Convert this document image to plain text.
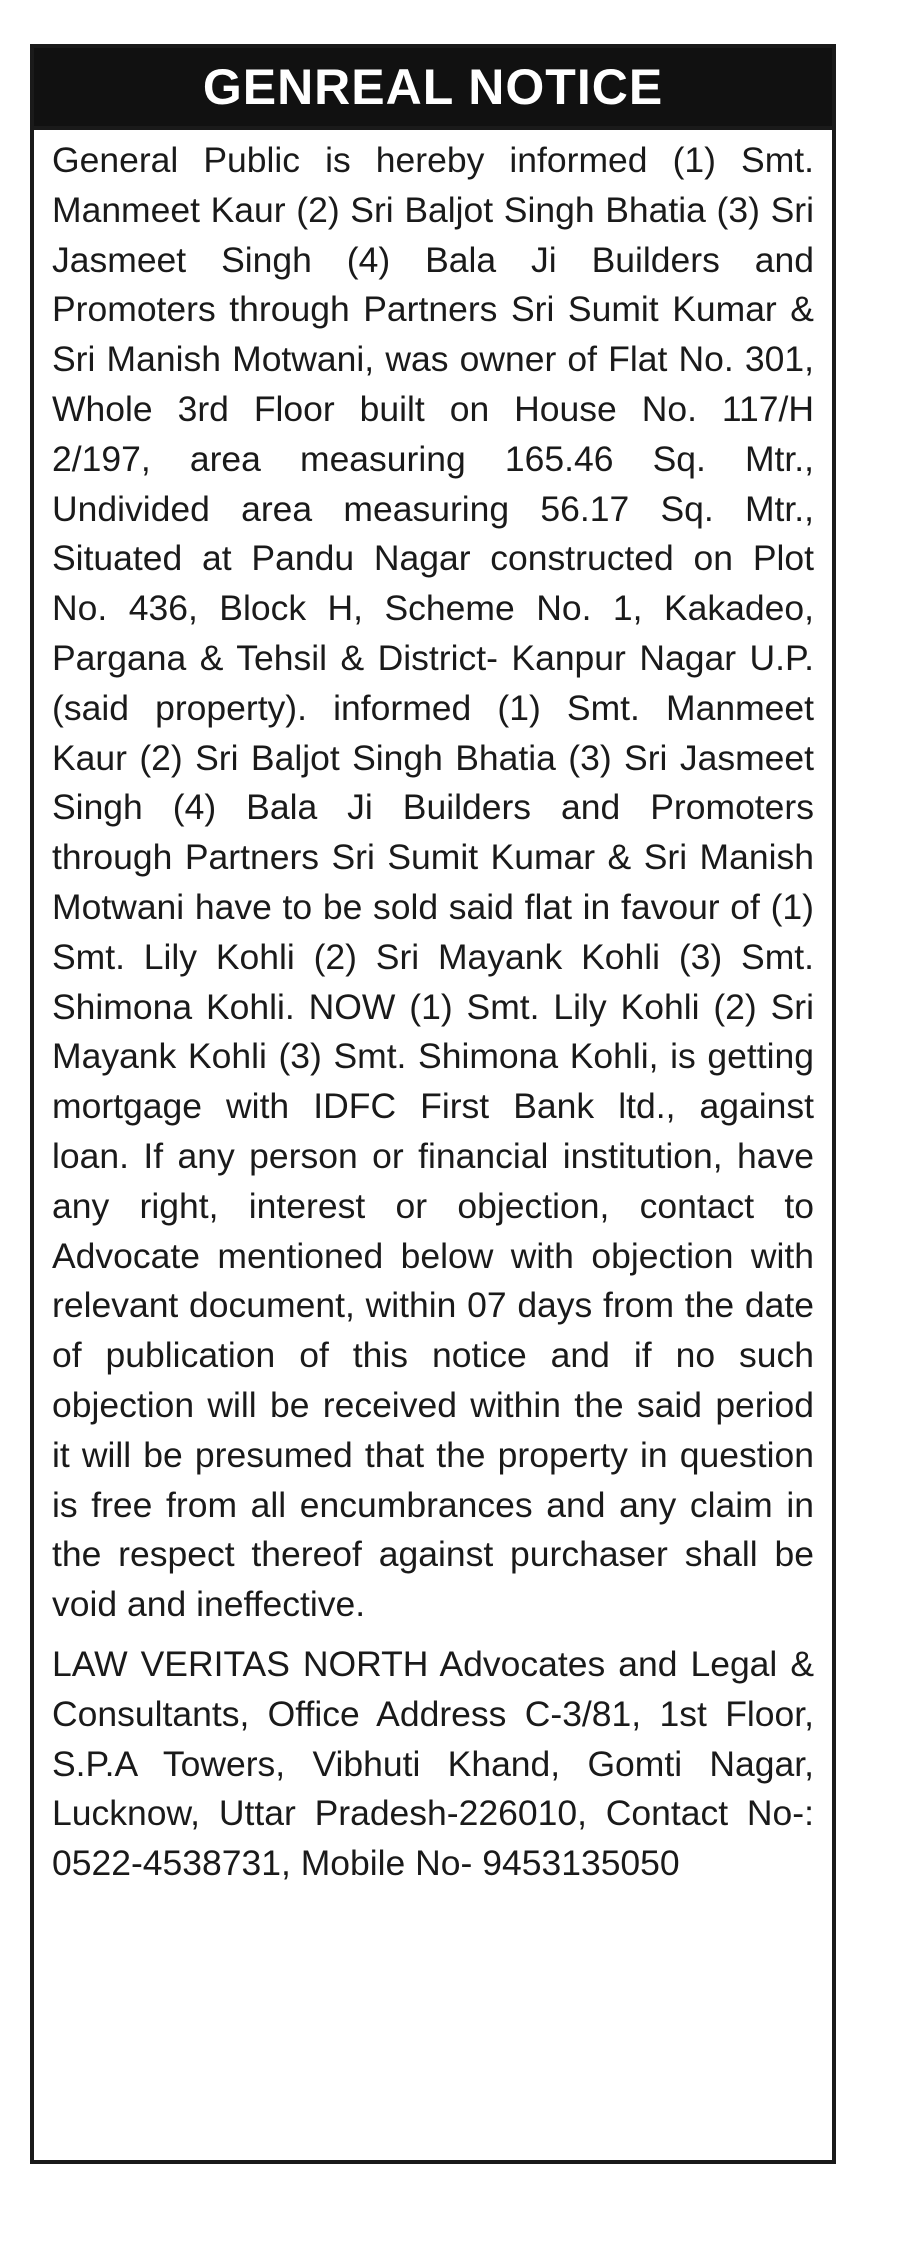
GENREAL NOTICE

General Public is hereby informed (1) Smt. Manmeet Kaur (2) Sri Baljot Singh Bhatia (3) Sri Jasmeet Singh (4) Bala Ji Builders and Promoters through Partners Sri Sumit Kumar & Sri Manish Motwani, was owner of Flat No. 301, Whole 3rd Floor built on House No. 117/H 2/197, area measuring 165.46 Sq. Mtr., Undivided area measuring 56.17 Sq. Mtr., Situated at Pandu Nagar constructed on Plot No. 436, Block H, Scheme No. 1, Kakadeo, Pargana & Tehsil & District- Kanpur Nagar U.P. (said property). informed (1) Smt. Manmeet Kaur (2) Sri Baljot Singh Bhatia (3) Sri Jasmeet Singh (4) Bala Ji Builders and Promoters through Partners Sri Sumit Kumar & Sri Manish Motwani have to be sold said flat in favour of (1) Smt. Lily Kohli (2) Sri Mayank Kohli (3) Smt. Shimona Kohli. NOW (1) Smt. Lily Kohli (2) Sri Mayank Kohli (3) Smt. Shimona Kohli, is getting mortgage with IDFC First Bank ltd., against loan. If any person or financial institution, have any right, interest or objection, contact to Advocate mentioned below with objection with relevant document, within 07 days from the date of publication of this notice and if no such objection will be received within the said period it will be presumed that the property in question is free from all encumbrances and any claim in the respect thereof against purchaser shall be void and ineffective.

LAW VERITAS NORTH Advocates and Legal & Consultants, Office Address C-3/81, 1st Floor, S.P.A Towers, Vibhuti Khand, Gomti Nagar, Lucknow, Uttar Pradesh-226010, Contact No-: 0522-4538731, Mobile No- 9453135050
